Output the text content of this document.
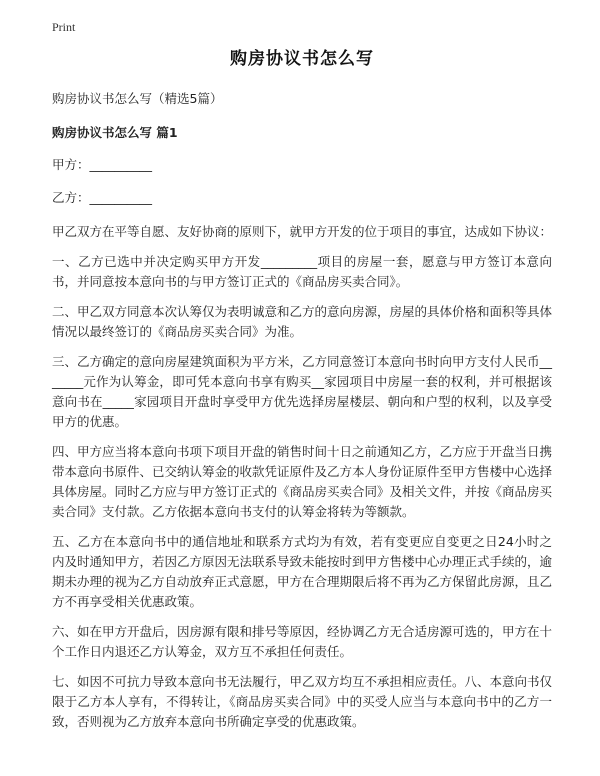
Print
购房协议书怎么写
购房协议书怎么写（精选5篇）
购房协议书怎么写 篇1
甲方：__________
乙方：__________

甲乙双方在平等自愿、友好协商的原则下，就甲方开发的位于项目的事宜，达成如下协议：

一、乙方已选中并决定购买甲方开发_________项目的房屋一套，愿意与甲方签订本意向书，并同意按本意向书的与甲方签订正式的《商品房买卖合同》。

二、甲乙双方同意本次认筹仅为表明诚意和乙方的意向房源，房屋的具体价格和面积等具体情况以最终签订的《商品房买卖合同》为准。

三、乙方确定的意向房屋建筑面积为平方米，乙方同意签订本意向书时向甲方支付人民币_______元作为认筹金，即可凭本意向书享有购买__家园项目中房屋一套的权利，并可根据该意向书在_____家园项目开盘时享受甲方优先选择房屋楼层、朝向和户型的权利，以及享受甲方的优惠。

四、甲方应当将本意向书项下项目开盘的销售时间十日之前通知乙方，乙方应于开盘当日携带本意向书原件、已交纳认筹金的收款凭证原件及乙方本人身份证原件至甲方售楼中心选择具体房屋。同时乙方应与甲方签订正式的《商品房买卖合同》及相关文件，并按《商品房买卖合同》支付款。乙方依据本意向书支付的认筹金将转为等额款。

五、乙方在本意向书中的通信地址和联系方式均为有效，若有变更应自变更之日24小时之内及时通知甲方，若因乙方原因无法联系导致未能按时到甲方售楼中心办理正式手续的，逾期未办理的视为乙方自动放弃正式意愿，甲方在合理期限后将不再为乙方保留此房源，且乙方不再享受相关优惠政策。

六、如在甲方开盘后，因房源有限和排号等原因，经协调乙方无合适房源可选的，甲方在十个工作日内退还乙方认筹金，双方互不承担任何责任。

七、如因不可抗力导致本意向书无法履行，甲乙双方均互不承担相应责任。八、本意向书仅限于乙方本人享有，不得转让，《商品房买卖合同》中的买受人应当与本意向书中的乙方一致，否则视为乙方放弃本意向书所确定享受的优惠政策。
